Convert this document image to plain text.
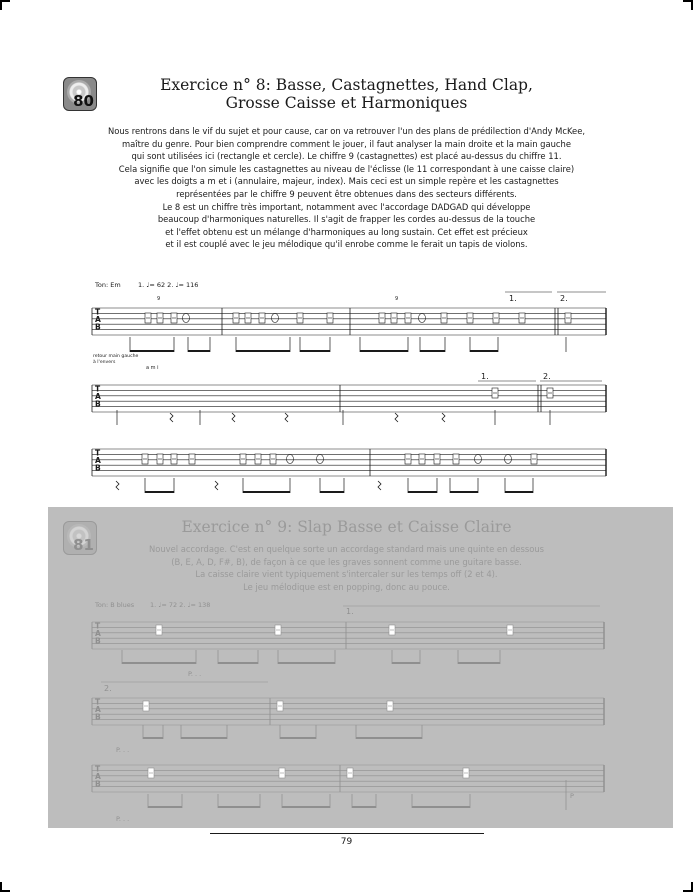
80
Exercice n° 8: Basse, Castagnettes, Hand Clap,
Grosse Caisse et Harmoniques
Nous rentrons dans le vif du sujet et pour cause, car on va retrouver l'un des plans de prédilection d'Andy McKee,
maître du genre. Pour bien comprendre comment le jouer, il faut analyser la main droite et la main gauche
qui sont utilisées ici (rectangle et cercle). Le chiffre 9 (castagnettes) est placé au-dessus du chiffre 11.
Cela signifie que l'on simule les castagnettes au niveau de l'éclisse (le 11 correspondant à une caisse claire)
avec les doigts a m et i (annulaire, majeur, index). Mais ceci est un simple repère et les castagnettes
représentées par le chiffre 9 peuvent être obtenues dans des secteurs différents.
Le 8 est un chiffre très important, notamment avec l'accordage DADGAD qui développe
beaucoup d'harmoniques naturelles. Il s'agit de frapper les cordes au-dessus de la touche
et l'effet obtenu est un mélange d'harmoniques au long sustain. Cet effet est précieux
et il est couplé avec le jeu mélodique qu'il enrobe comme le ferait un tapis de violons.
Ton: Em	1. ♩= 62 2. ♩= 116
retour main gauche
à l'envers
a m i
1.	2.
1.	2.
9	9
T
A
B
T
A
B
T
A
B
81
Exercice n° 9: Slap Basse et Caisse Claire
Nouvel accordage. C'est en quelque sorte un accordage standard mais une quinte en dessous
(B, E, A, D, F#, B), de façon à ce que les graves sonnent comme une guitare basse.
La caisse claire vient typiquement s'intercaler sur les temps off (2 et 4).
Le jeu mélodique est en popping, donc au pouce.
Ton: B blues 1. ♩= 72 2. ♩= 138
1.
2.
P. . .
P. . .
P. . .
P
T
A
B
T
A
B
T
A
B
79
